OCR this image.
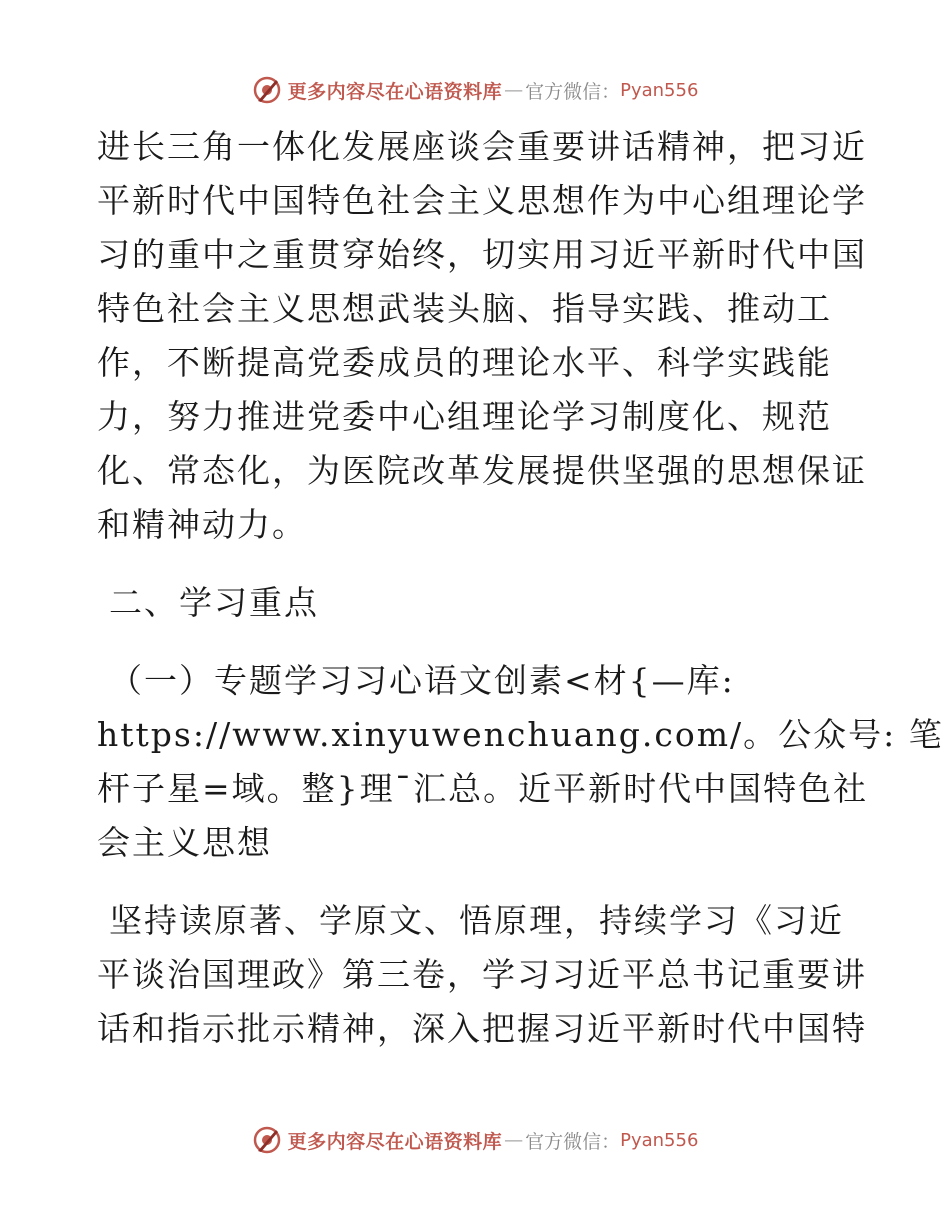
更多内容尽在心语资料库 — 官方微信： Pyan556
进长三角一体化发展座谈会重要讲话精神，把习近
平新时代中国特色社会主义思想作为中心组理论学
习的重中之重贯穿始终，切实用习近平新时代中国
特色社会主义思想武装头脑、指导实践、推动工
作，不断提高党委成员的理论水平、科学实践能
力，努力推进党委中心组理论学习制度化、规范
化、常态化，为医院改革发展提供坚强的思想保证
和精神动力。
二、学习重点
（一）专题学习习心语文创素<材{—库:
https://www.xinyuwenchuang.com/。公众号: 笔
杆子星=域。整}理¯汇总。近平新时代中国特色社
会主义思想
坚持读原著、学原文、悟原理，持续学习《习近
平谈治国理政》第三卷，学习习近平总书记重要讲
话和指示批示精神，深入把握习近平新时代中国特
更多内容尽在心语资料库 — 官方微信： Pyan556
